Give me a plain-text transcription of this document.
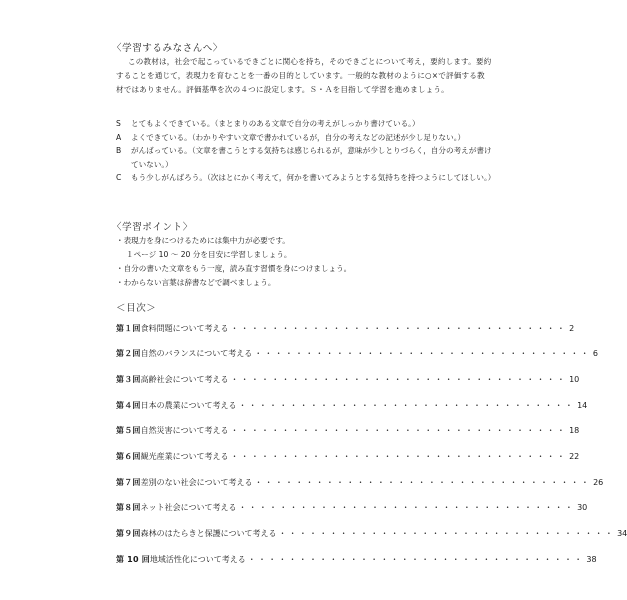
〈学習するみなさんへ〉

この教材は，社会で起こっているできごとに関心を持ち，そのできごとについて考え，要約します。要約することを通じて，表現力を育むことを一番の目的としています。一般的な教材のように○×で評価する教材ではありません。評価基準を次の４つに設定します。Ｓ・Ａを目指して学習を進めましょう。

S	とてもよくできている。（まとまりのある文章で自分の考えがしっかり書けている。）
A	よくできている。（わかりやすい文章で書かれているが，自分の考えなどの記述が少し足りない。）
B	がんばっている。（文章を書こうとする気持ちは感じられるが，意味が少しとりづらく，自分の考えが書けていない。）
C	もう少しがんばろう。（次はとにかく考えて，何かを書いてみようとする気持ちを持つようにしてほしい。）
〈学習ポイント〉
・表現力を身につけるためには集中力が必要です。
１ページ 10 ～ 20 分を目安に学習しましょう。
・自分の書いた文章をもう一度，読み直す習慣を身につけましょう。
・わからない言葉は辞書などで調べましょう。
＜目次＞
第１回 食料問題について考える ・・・・・・・・・・・・・・・・・・・・・・・・・・・・・・・・・ 2
第２回 自然のバランスについて考える ・・・・・・・・・・・・・・・・・・・・・・・・・・・・・・・・・ 6
第３回 高齢社会について考える ・・・・・・・・・・・・・・・・・・・・・・・・・・・・・・・・・ 10
第４回 日本の農業について考える ・・・・・・・・・・・・・・・・・・・・・・・・・・・・・・・・・ 14
第５回 自然災害について考える ・・・・・・・・・・・・・・・・・・・・・・・・・・・・・・・・・ 18
第６回 観光産業について考える ・・・・・・・・・・・・・・・・・・・・・・・・・・・・・・・・・ 22
第７回 差別のない社会について考える ・・・・・・・・・・・・・・・・・・・・・・・・・・・・・・・・・ 26
第８回 ネット社会について考える ・・・・・・・・・・・・・・・・・・・・・・・・・・・・・・・・・ 30
第９回 森林のはたらきと保護について考える ・・・・・・・・・・・・・・・・・・・・・・・・・・・・・・・・・ 34
第 10 回 地域活性化について考える ・・・・・・・・・・・・・・・・・・・・・・・・・・・・・・・・・ 38
